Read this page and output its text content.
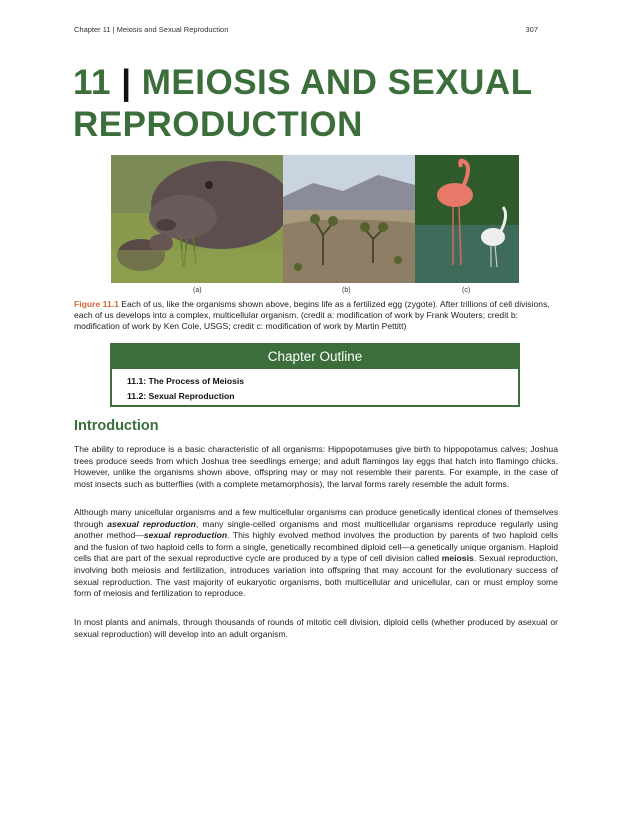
Chapter 11 | Meiosis and Sexual Reproduction	307
11 | MEIOSIS AND SEXUAL
REPRODUCTION
(a)	(b)	(c)

Figure 11.1 Each of us, like the organisms shown above, begins life as a fertilized egg (zygote). After trillions of cell divisions, each of us develops into a complex, multicellular organism. (credit a: modification of work by Frank Wouters; credit b: modification of work by Ken Cole, USGS; credit c: modification of work by Martin Pettitt)

Chapter Outline
11.1: The Process of Meiosis
11.2: Sexual Reproduction
Introduction

The ability to reproduce is a basic characteristic of all organisms: Hippopotamuses give birth to hippopotamus calves; Joshua trees produce seeds from which Joshua tree seedlings emerge; and adult flamingos lay eggs that hatch into flamingo chicks. However, unlike the organisms shown above, offspring may or may not resemble their parents. For example, in the case of most insects such as butterflies (with a complete metamorphosis), the larval forms rarely resemble the adult forms.

Although many unicellular organisms and a few multicellular organisms can produce genetically identical clones of themselves through asexual reproduction, many single-celled organisms and most multicellular organisms reproduce regularly using another method—sexual reproduction. This highly evolved method involves the production by parents of two haploid cells and the fusion of two haploid cells to form a single, genetically recombined diploid cell—a genetically unique organism. Haploid cells that are part of the sexual reproductive cycle are produced by a type of cell division called meiosis. Sexual reproduction, involving both meiosis and fertilization, introduces variation into offspring that may account for the evolutionary success of sexual reproduction. The vast majority of eukaryotic organisms, both multicellular and unicellular, can or must employ some form of meiosis and fertilization to reproduce.

In most plants and animals, through thousands of rounds of mitotic cell division, diploid cells (whether produced by asexual or sexual reproduction) will develop into an adult organism.
